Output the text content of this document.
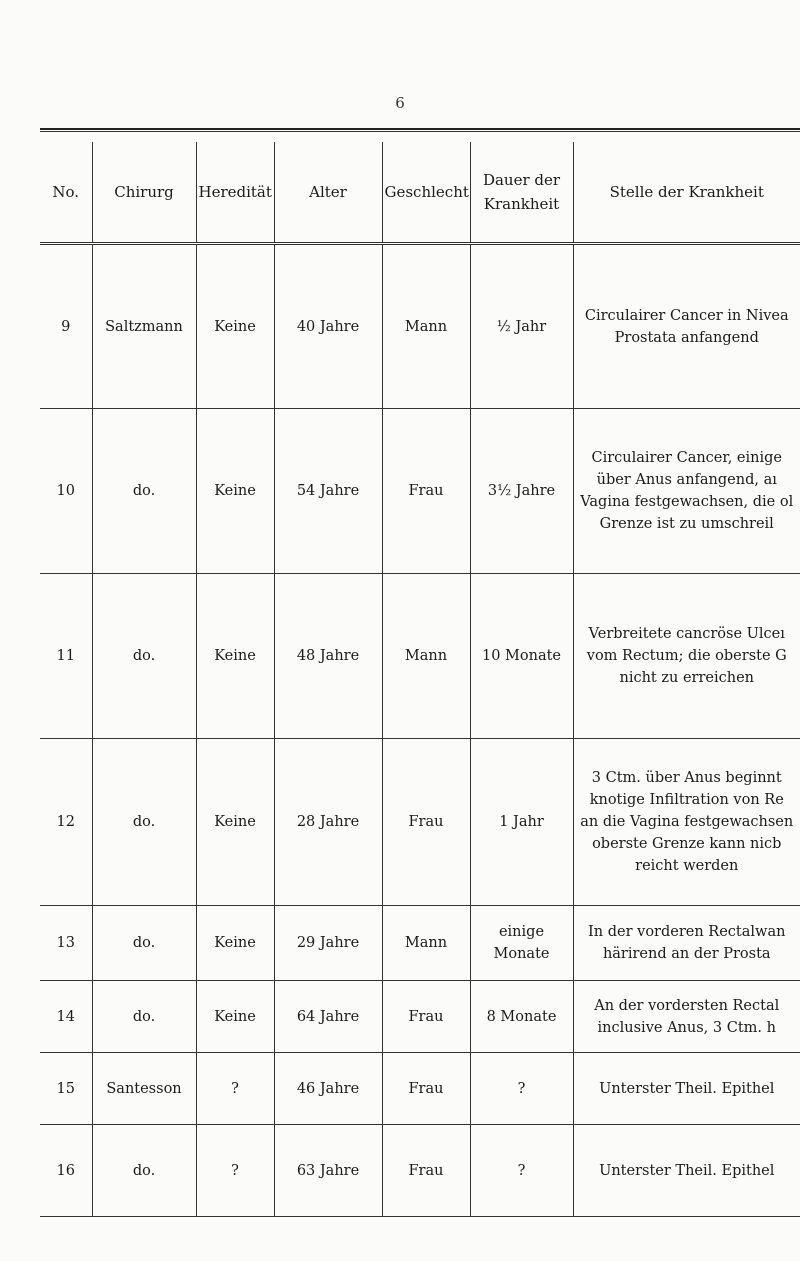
6
No.	Chirurg	Heredität	Alter	Geschlecht	Dauer der Krankheit	Stelle der Krankheit
9	Saltzmann	Keine	40 Jahre	Mann	½ Jahr	Circulairer Cancer in Nivea
Prostata anfangend

10	do.	Keine	54 Jahre	Frau	3½ Jahre	Circulairer Cancer, einige
über Anus anfangend, aı
Vagina festgewachsen, die ol
Grenze ist zu umschreil

11	do.	Keine	48 Jahre	Mann	10 Monate	Verbreitete cancröse Ulceı
vom Rectum; die oberste G
nicht zu erreichen

12	do.	Keine	28 Jahre	Frau	1 Jahr	3 Ctm. über Anus beginnt
knotige Infiltration von Re
an die Vagina festgewachsen
oberste Grenze kann nicb
reicht werden

13	do.	Keine	29 Jahre	Mann	einige Monate	In der vorderen Rectalwan
härirend an der Prosta

14	do.	Keine	64 Jahre	Frau	8 Monate	An der vordersten Rectal
inclusive Anus, 3 Ctm. h

15	Santesson	?	46 Jahre	Frau	?	Unterster Theil. Epithel

16	do.	?	63 Jahre	Frau	?	Unterster Theil. Epithel
